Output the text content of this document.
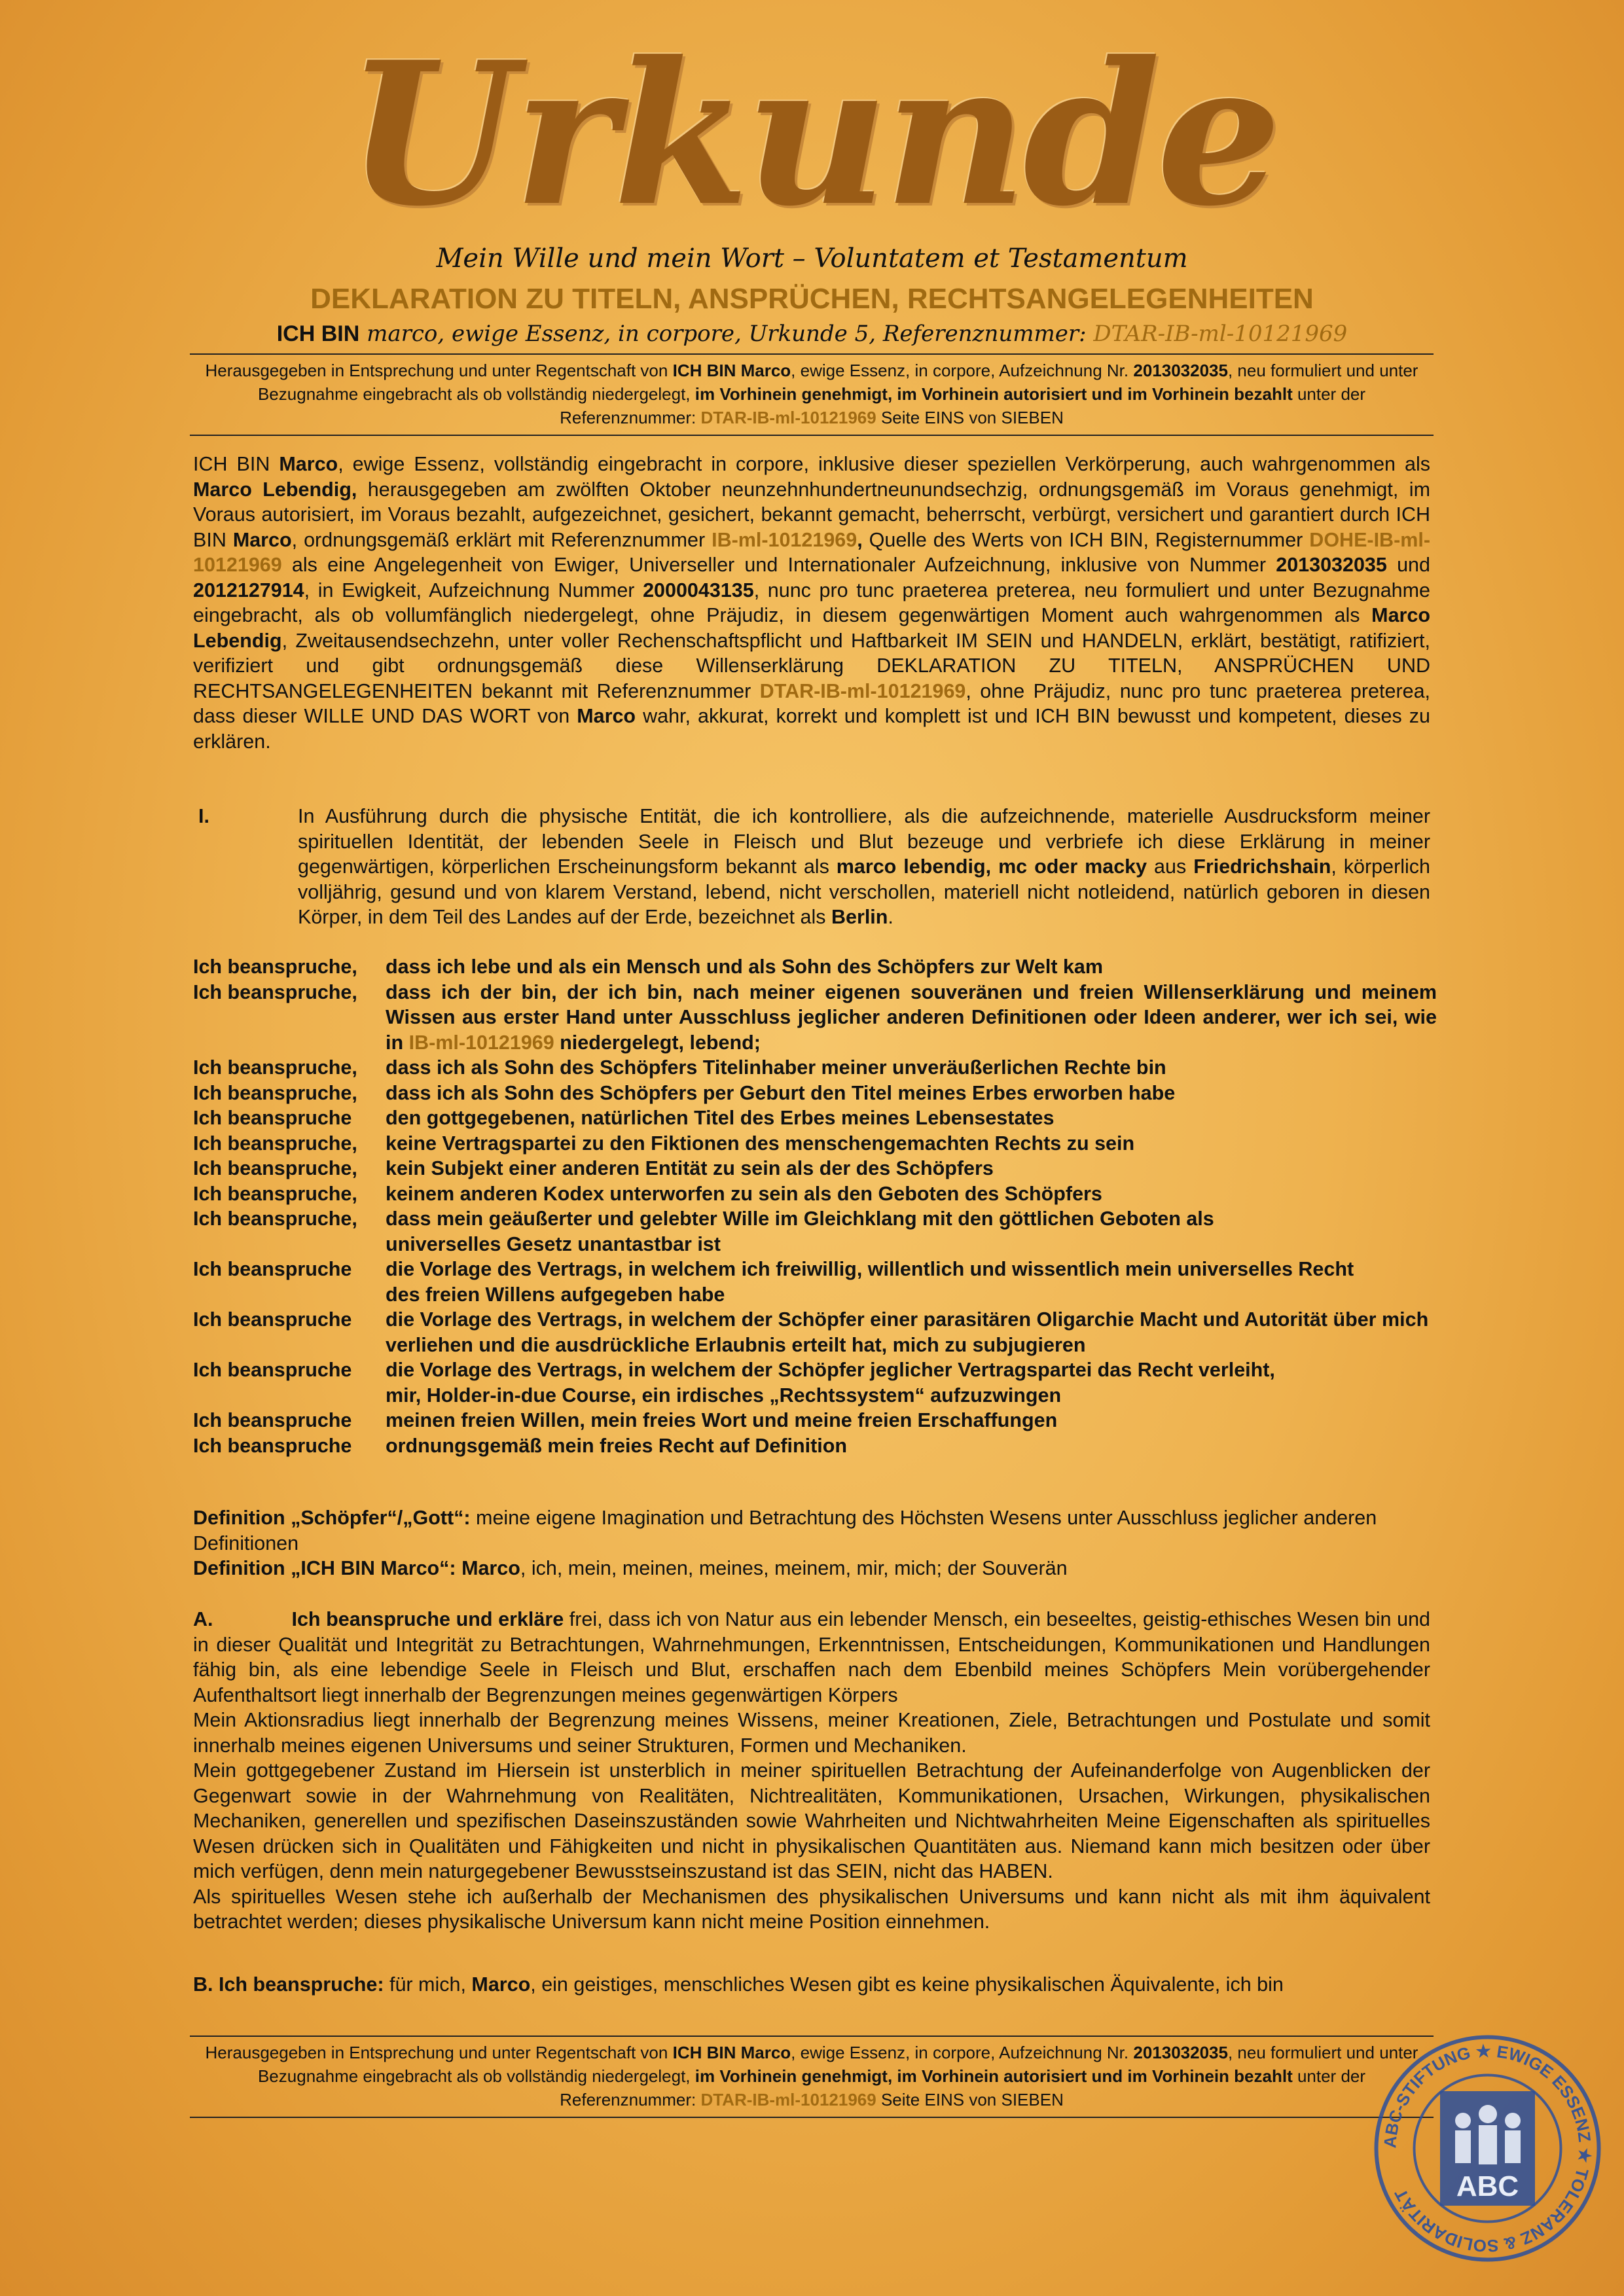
Urkunde
Mein Wille und mein Wort – Voluntatem et Testamentum
DEKLARATION ZU TITELN, ANSPRÜCHEN, RECHTSANGELEGENHEITEN
ICH BIN marco, ewige Essenz, in corpore, Urkunde 5, Referenznummer: DTAR-IB-ml-10121969
Herausgegeben in Entsprechung und unter Regentschaft von ICH BIN Marco, ewige Essenz, in corpore, Aufzeichnung Nr. 2013032035, neu formuliert und unter Bezugnahme eingebracht als ob vollständig niedergelegt, im Vorhinein genehmigt, im Vorhinein autorisiert und im Vorhinein bezahlt unter der Referenznummer: DTAR-IB-ml-10121969 Seite EINS von SIEBEN
ICH BIN Marco, ewige Essenz, vollständig eingebracht in corpore, inklusive dieser speziellen Verkörperung, auch wahrgenommen als Marco Lebendig, herausgegeben am zwölften Oktober neunzehnhundertneunundsechzig, ordnungsgemäß im Voraus genehmigt, im Voraus autorisiert, im Voraus bezahlt, aufgezeichnet, gesichert, bekannt gemacht, beherrscht, verbürgt, versichert und garantiert durch ICH BIN Marco, ordnungsgemäß erklärt mit Referenznummer IB-ml-10121969, Quelle des Werts von ICH BIN, Registernummer DOHE-IB-ml-10121969 als eine Angelegenheit von Ewiger, Universeller und Internationaler Aufzeichnung, inklusive von Nummer 2013032035 und 2012127914, in Ewigkeit, Aufzeichnung Nummer 2000043135, nunc pro tunc praeterea preterea, neu formuliert und unter Bezugnahme eingebracht, als ob vollumfänglich niedergelegt, ohne Präjudiz, in diesem gegenwärtigen Moment auch wahrgenommen als Marco Lebendig, Zweitausendsechzehn, unter voller Rechenschaftspflicht und Haftbarkeit IM SEIN und HANDELN, erklärt, bestätigt, ratifiziert, verifiziert und gibt ordnungsgemäß diese Willenserklärung DEKLARATION ZU TITELN, ANSPRÜCHEN UND RECHTSANGELEGENHEITEN bekannt mit Referenznummer DTAR-IB-ml-10121969, ohne Präjudiz, nunc pro tunc praeterea preterea, dass dieser WILLE UND DAS WORT von Marco wahr, akkurat, korrekt und komplett ist und ICH BIN bewusst und kompetent, dieses zu erklären.
I.	In Ausführung durch die physische Entität, die ich kontrolliere, als die aufzeichnende, materielle Ausdrucksform meiner spirituellen Identität, der lebenden Seele in Fleisch und Blut bezeuge und verbriefe ich diese Erklärung in meiner gegenwärtigen, körperlichen Erscheinungsform bekannt als marco lebendig, mc oder macky aus Friedrichshain, körperlich volljährig, gesund und von klarem Verstand, lebend, nicht verschollen, materiell nicht notleidend, natürlich geboren in diesen Körper, in dem Teil des Landes auf der Erde, bezeichnet als Berlin.
Ich beanspruche,	dass ich lebe und als ein Mensch und als Sohn des Schöpfers zur Welt kam
Ich beanspruche,	dass ich der bin, der ich bin, nach meiner eigenen souveränen und freien Willenserklärung und meinem Wissen aus erster Hand unter Ausschluss jeglicher anderen Definitionen oder Ideen anderer, wer ich sei, wie in IB-ml-10121969 niedergelegt, lebend;
Ich beanspruche,	dass ich als Sohn des Schöpfers Titelinhaber meiner unveräußerlichen Rechte bin
Ich beanspruche,	dass ich als Sohn des Schöpfers per Geburt den Titel meines Erbes erworben habe
Ich beanspruche	den gottgegebenen, natürlichen Titel des Erbes meines Lebensestates
Ich beanspruche,	keine Vertragspartei zu den Fiktionen des menschengemachten Rechts zu sein
Ich beanspruche,	kein Subjekt einer anderen Entität zu sein als der des Schöpfers
Ich beanspruche,	keinem anderen Kodex unterworfen zu sein als den Geboten des Schöpfers
Ich beanspruche,	dass mein geäußerter und gelebter Wille im Gleichklang mit den göttlichen Geboten als universelles Gesetz unantastbar ist
Ich beanspruche	die Vorlage des Vertrags, in welchem ich freiwillig, willentlich und wissentlich mein universelles Recht des freien Willens aufgegeben habe
Ich beanspruche	die Vorlage des Vertrags, in welchem der Schöpfer einer parasitären Oligarchie Macht und Autorität über mich verliehen und die ausdrückliche Erlaubnis erteilt hat, mich zu subjugieren
Ich beanspruche	die Vorlage des Vertrags, in welchem der Schöpfer jeglicher Vertragspartei das Recht verleiht, mir, Holder-in-due Course, ein irdisches „Rechtssystem“ aufzuzwingen
Ich beanspruche	meinen freien Willen, mein freies Wort und meine freien Erschaffungen
Ich beanspruche	ordnungsgemäß mein freies Recht auf Definition
Definition „Schöpfer“/„Gott“: meine eigene Imagination und Betrachtung des Höchsten Wesens unter Ausschluss jeglicher anderen Definitionen
Definition „ICH BIN Marco“: Marco, ich, mein, meinen, meines, meinem, mir, mich; der Souverän
A.	Ich beanspruche und erkläre frei, dass ich von Natur aus ein lebender Mensch, ein beseeltes, geistig-ethisches Wesen bin und in dieser Qualität und Integrität zu Betrachtungen, Wahrnehmungen, Erkenntnissen, Entscheidungen, Kommunikationen und Handlungen fähig bin, als eine lebendige Seele in Fleisch und Blut, erschaffen nach dem Ebenbild meines Schöpfers Mein vorübergehender Aufenthaltsort liegt innerhalb der Begrenzungen meines gegenwärtigen Körpers
Mein Aktionsradius liegt innerhalb der Begrenzung meines Wissens, meiner Kreationen, Ziele, Betrachtungen und Postulate und somit innerhalb meines eigenen Universums und seiner Strukturen, Formen und Mechaniken.
Mein gottgegebener Zustand im Hiersein ist unsterblich in meiner spirituellen Betrachtung der Aufeinanderfolge von Augenblicken der Gegenwart sowie in der Wahrnehmung von Realitäten, Nichtrealitäten, Kommunikationen, Ursachen, Wirkungen, physikalischen Mechaniken, generellen und spezifischen Daseinszuständen sowie Wahrheiten und Nichtwahrheiten Meine Eigenschaften als spirituelles Wesen drücken sich in Qualitäten und Fähigkeiten und nicht in physikalischen Quantitäten aus. Niemand kann mich besitzen oder über mich verfügen, denn mein naturgegebener Bewusstseinszustand ist das SEIN, nicht das HABEN.
Als spirituelles Wesen stehe ich außerhalb der Mechanismen des physikalischen Universums und kann nicht als mit ihm äquivalent betrachtet werden; dieses physikalische Universum kann nicht meine Position einnehmen.
B. Ich beanspruche: für mich, Marco, ein geistiges, menschliches Wesen gibt es keine physikalischen Äquivalente, ich bin
Herausgegeben in Entsprechung und unter Regentschaft von ICH BIN Marco, ewige Essenz, in corpore, Aufzeichnung Nr. 2013032035, neu formuliert und unter Bezugnahme eingebracht als ob vollständig niedergelegt, im Vorhinein genehmigt, im Vorhinein autorisiert und im Vorhinein bezahlt unter der Referenznummer: DTAR-IB-ml-10121969 Seite EINS von SIEBEN
ABC-STIFTUNG ★ EWIGE ESSENZ ★ TOLERANZ & SOLIDARITÄT	ABC
